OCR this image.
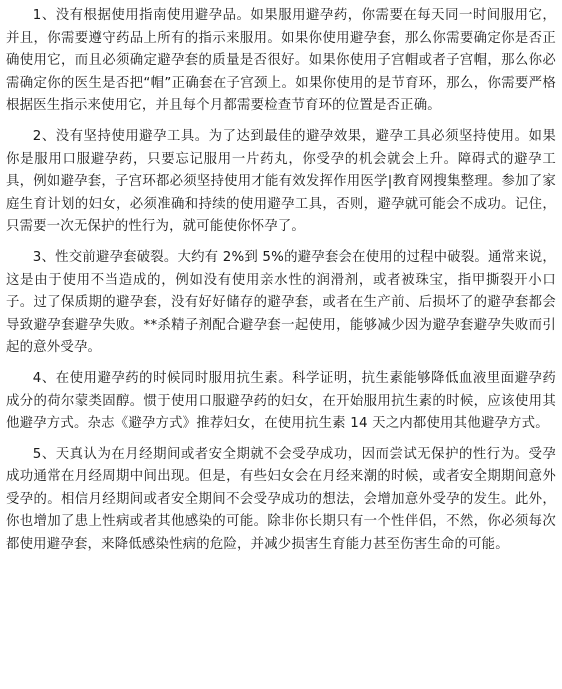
1、没有根据使用指南使用避孕品。如果服用避孕药，你需要在每天同一时间服用它，并且，你需要遵守药品上所有的指示来服用。如果你使用避孕套，那么你需要确定你是否正确使用它，而且必须确定避孕套的质量是否很好。如果你使用子宫帽或者子宫帽，那么你必需确定你的医生是否把“帽”正确套在子宫颈上。如果你使用的是节育环，那么，你需要严格根据医生指示来使用它，并且每个月都需要检查节育环的位置是否正确。

2、没有坚持使用避孕工具。为了达到最佳的避孕效果，避孕工具必须坚持使用。如果你是服用口服避孕药，只要忘记服用一片药丸，你受孕的机会就会上升。障碍式的避孕工具，例如避孕套，子宫环都必须坚持使用才能有效发挥作用医学|教育网搜集整理。参加了家庭生育计划的妇女，必须准确和持续的使用避孕工具，否则，避孕就可能会不成功。记住，只需要一次无保护的性行为，就可能使你怀孕了。

3、性交前避孕套破裂。大约有 2%到 5%的避孕套会在使用的过程中破裂。通常来说，这是由于使用不当造成的，例如没有使用亲水性的润滑剂，或者被珠宝，指甲撕裂开小口子。过了保质期的避孕套，没有好好储存的避孕套，或者在生产前、后损坏了的避孕套都会导致避孕套避孕失败。**杀精子剂配合避孕套一起使用，能够减少因为避孕套避孕失败而引起的意外受孕。

4、在使用避孕药的时候同时服用抗生素。科学证明，抗生素能够降低血液里面避孕药成分的荷尔蒙类固醇。惯于使用口服避孕药的妇女，在开始服用抗生素的时候，应该使用其他避孕方式。杂志《避孕方式》推荐妇女，在使用抗生素 14 天之内都使用其他避孕方式。

5、天真认为在月经期间或者安全期就不会受孕成功，因而尝试无保护的性行为。受孕成功通常在月经周期中间出现。但是，有些妇女会在月经来潮的时候，或者安全期期间意外受孕的。相信月经期间或者安全期间不会受孕成功的想法，会增加意外受孕的发生。此外，你也增加了患上性病或者其他感染的可能。除非你长期只有一个性伴侣，不然，你必须每次都使用避孕套，来降低感染性病的危险，并减少损害生育能力甚至伤害生命的可能。
